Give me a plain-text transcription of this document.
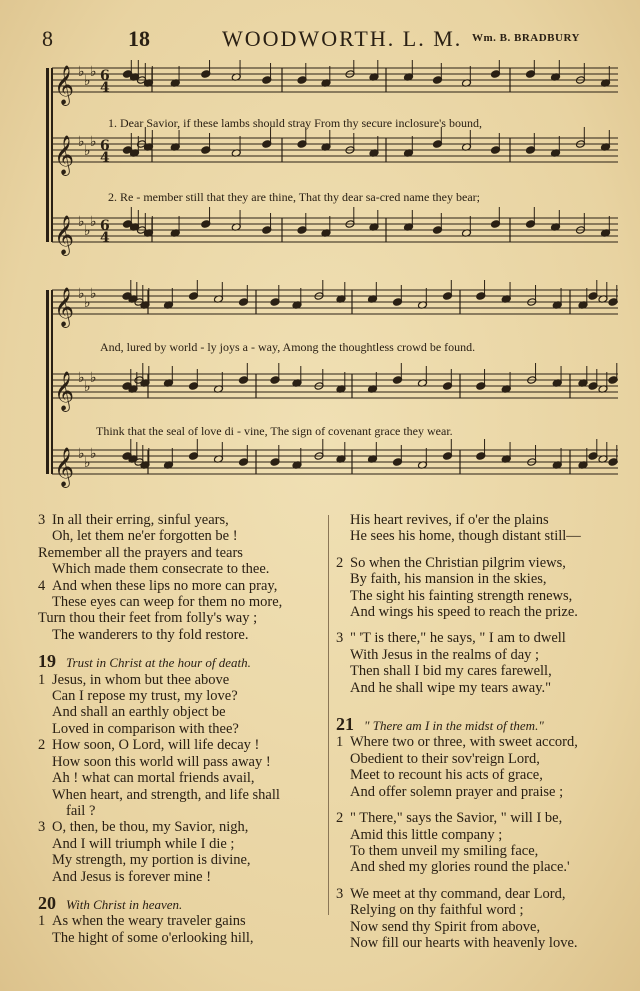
8	18	WOODWORTH. L. M. Wm. B. BRADBURY
𝄞 ♭
♭
♭ 6
4
𝄞 ♭
♭
♭ 6
4
𝄞 ♭
♭
♭ 6
4
1. Dear Savior, if these lambs should stray From thy secure inclosure's bound,
2. Re - member still that they are thine, That thy dear sa-cred name they bear;
𝄞 ♭
♭
♭
𝄞 ♭
♭
♭
𝄞 ♭
♭
♭
And, lured by world - ly joys a - way, Among the thoughtless crowd be found.
Think that the seal of love di - vine, The sign of covenant grace they wear.
3 In all their erring, sinful years,
Oh, let them ne'er forgotten be !
Remember all the prayers and tears
Which made them consecrate to thee.
4 And when these lips no more can pray,
These eyes can weep for them no more,
Turn thou their feet from folly's way ;
The wanderers to thy fold restore.
19 Trust in Christ at the hour of death.
1 Jesus, in whom but thee above
Can I repose my trust, my love?
And shall an earthly object be
Loved in comparison with thee?
2 How soon, O Lord, will life decay !
How soon this world will pass away !
Ah ! what can mortal friends avail,
When heart, and strength, and life shall
fail ?
3 O, then, be thou, my Savior, nigh,
And I will triumph while I die ;
My strength, my portion is divine,
And Jesus is forever mine !
20 With Christ in heaven.
1 As when the weary traveler gains
The hight of some o'erlooking hill,
His heart revives, if o'er the plains
He sees his home, though distant still—
2 So when the Christian pilgrim views,
By faith, his mansion in the skies,
The sight his fainting strength renews,
And wings his speed to reach the prize.
3 " 'T is there," he says, " I am to dwell
With Jesus in the realms of day ;
Then shall I bid my cares farewell,
And he shall wipe my tears away."
21 " There am I in the midst of them."
1 Where two or three, with sweet accord,
Obedient to their sov'reign Lord,
Meet to recount his acts of grace,
And offer solemn prayer and praise ;
2 " There," says the Savior, " will I be,
Amid this little company ;
To them unveil my smiling face,
And shed my glories round the place.'
3 We meet at thy command, dear Lord,
Relying on thy faithful word ;
Now send thy Spirit from above,
Now fill our hearts with heavenly love.
